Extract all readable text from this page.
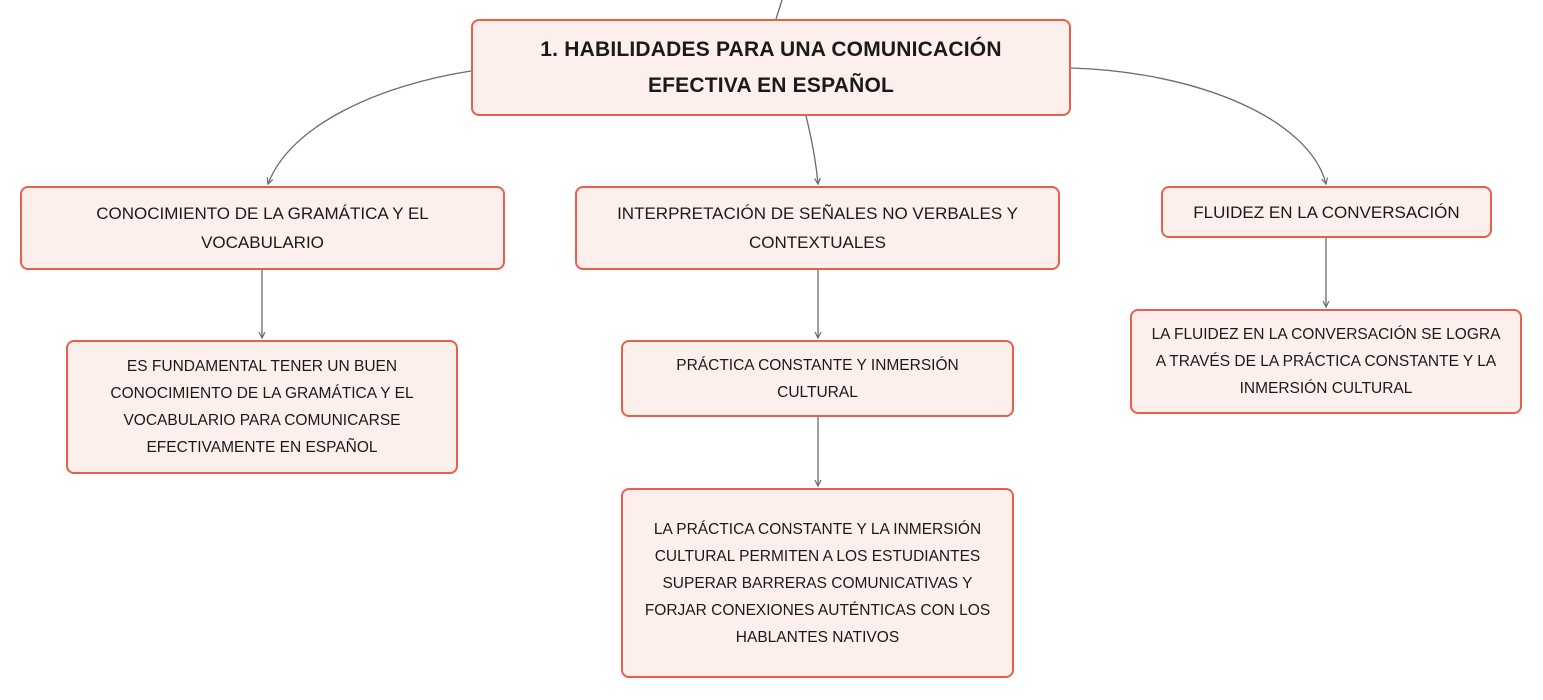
1. HABILIDADES PARA UNA COMUNICACIÓN
EFECTIVA EN ESPAÑOL
CONOCIMIENTO DE LA GRAMÁTICA Y EL
VOCABULARIO
INTERPRETACIÓN DE SEÑALES NO VERBALES Y
CONTEXTUALES
FLUIDEZ EN LA CONVERSACIÓN
ES FUNDAMENTAL TENER UN BUEN
CONOCIMIENTO DE LA GRAMÁTICA Y EL
VOCABULARIO PARA COMUNICARSE
EFECTIVAMENTE EN ESPAÑOL
PRÁCTICA CONSTANTE Y INMERSIÓN
CULTURAL
LA PRÁCTICA CONSTANTE Y LA INMERSIÓN
CULTURAL PERMITEN A LOS ESTUDIANTES
SUPERAR BARRERAS COMUNICATIVAS Y
FORJAR CONEXIONES AUTÉNTICAS CON LOS
HABLANTES NATIVOS
LA FLUIDEZ EN LA CONVERSACIÓN SE LOGRA
A TRAVÉS DE LA PRÁCTICA CONSTANTE Y LA
INMERSIÓN CULTURAL
